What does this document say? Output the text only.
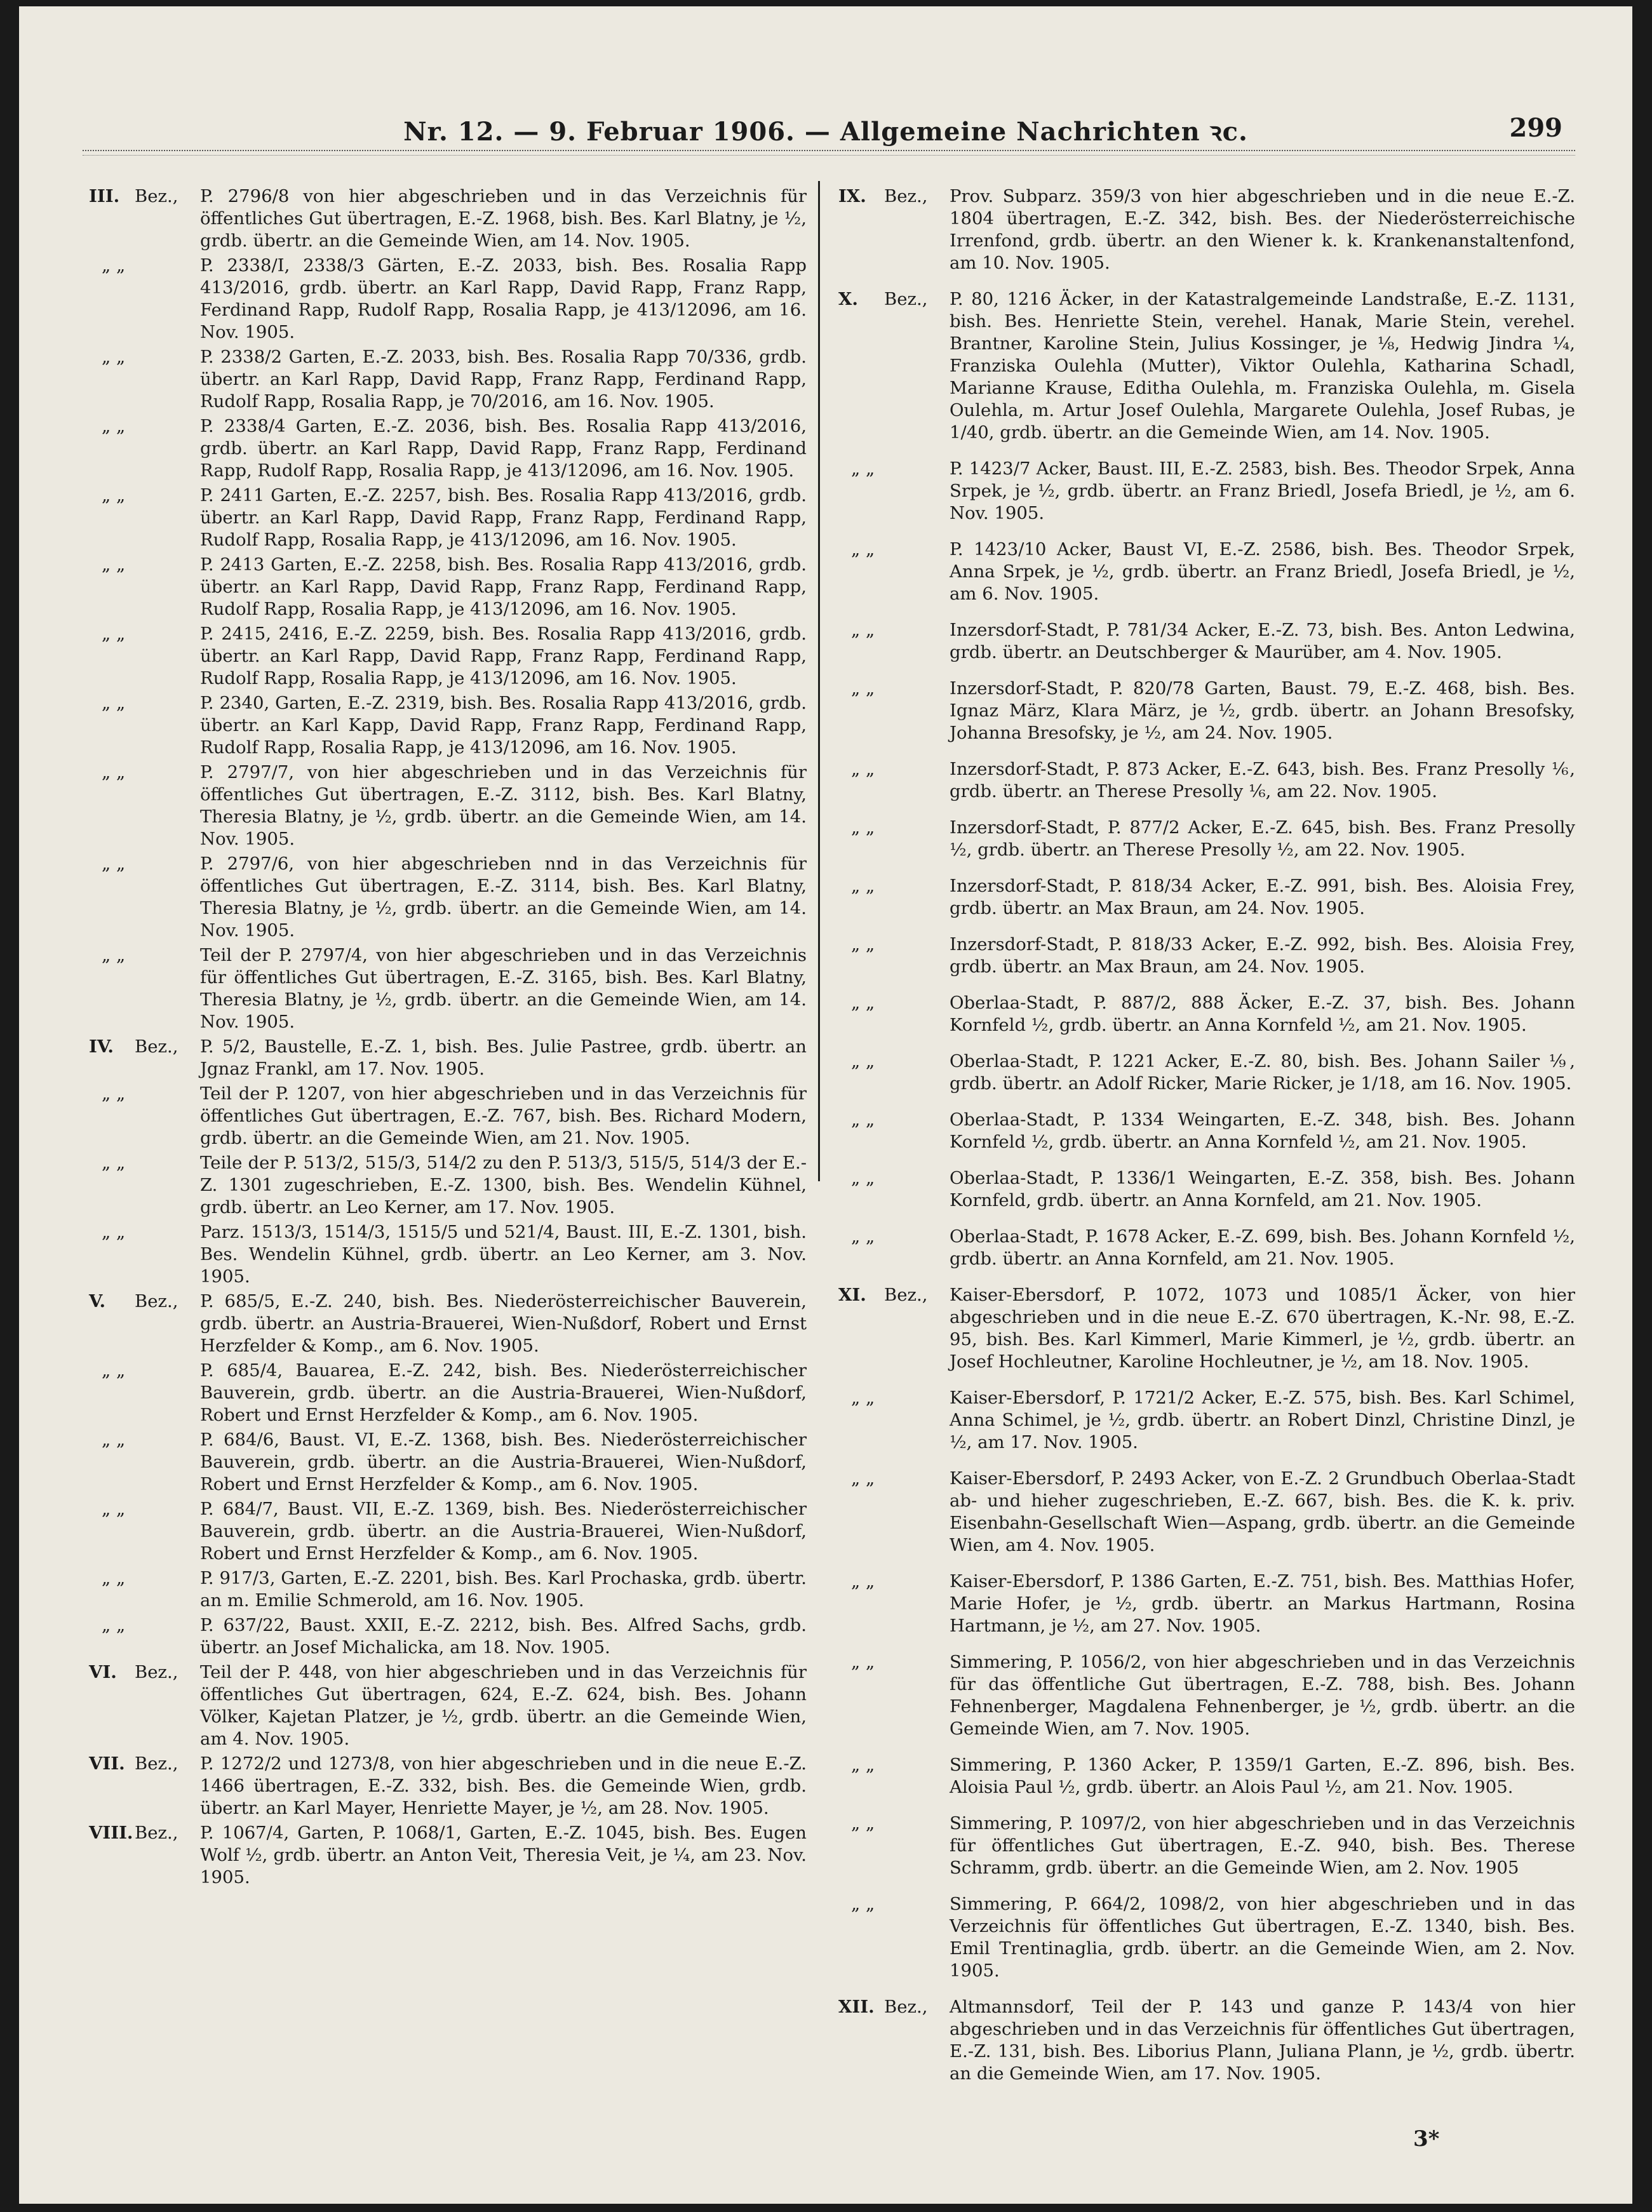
Nr. 12. — 9. Februar 1906. — Allgemeine Nachrichten ꝛc.	299
III. Bez.,	P. 2796/8 von hier abgeschrieben und in das Verzeichnis für öffentliches Gut übertragen, E.-Z. 1968, bish. Bes. Karl Blatny, je ½, grdb. übertr. an die Gemeinde Wien, am 14. Nov. 1905.
„ „	P. 2338/I, 2338/3 Gärten, E.-Z. 2033, bish. Bes. Rosalia Rapp 413/2016, grdb. übertr. an Karl Rapp, David Rapp, Franz Rapp, Ferdinand Rapp, Rudolf Rapp, Rosalia Rapp, je 413/12096, am 16. Nov. 1905.
„ „	P. 2338/2 Garten, E.-Z. 2033, bish. Bes. Rosalia Rapp 70/336, grdb. übertr. an Karl Rapp, David Rapp, Franz Rapp, Ferdinand Rapp, Rudolf Rapp, Rosalia Rapp, je 70/2016, am 16. Nov. 1905.
„ „	P. 2338/4 Garten, E.-Z. 2036, bish. Bes. Rosalia Rapp 413/2016, grdb. übertr. an Karl Rapp, David Rapp, Franz Rapp, Ferdinand Rapp, Rudolf Rapp, Rosalia Rapp, je 413/12096, am 16. Nov. 1905.
„ „	P. 2411 Garten, E.-Z. 2257, bish. Bes. Rosalia Rapp 413/2016, grdb. übertr. an Karl Rapp, David Rapp, Franz Rapp, Ferdinand Rapp, Rudolf Rapp, Rosalia Rapp, je 413/12096, am 16. Nov. 1905.
„ „	P. 2413 Garten, E.-Z. 2258, bish. Bes. Rosalia Rapp 413/2016, grdb. übertr. an Karl Rapp, David Rapp, Franz Rapp, Ferdinand Rapp, Rudolf Rapp, Rosalia Rapp, je 413/12096, am 16. Nov. 1905.
„ „	P. 2415, 2416, E.-Z. 2259, bish. Bes. Rosalia Rapp 413/2016, grdb. übertr. an Karl Rapp, David Rapp, Franz Rapp, Ferdinand Rapp, Rudolf Rapp, Rosalia Rapp, je 413/12096, am 16. Nov. 1905.
„ „	P. 2340, Garten, E.-Z. 2319, bish. Bes. Rosalia Rapp 413/2016, grdb. übertr. an Karl Kapp, David Rapp, Franz Rapp, Ferdinand Rapp, Rudolf Rapp, Rosalia Rapp, je 413/12096, am 16. Nov. 1905.
„ „	P. 2797/7, von hier abgeschrieben und in das Verzeichnis für öffentliches Gut übertragen, E.-Z. 3112, bish. Bes. Karl Blatny, Theresia Blatny, je ½, grdb. übertr. an die Gemeinde Wien, am 14. Nov. 1905.
„ „	P. 2797/6, von hier abgeschrieben nnd in das Verzeichnis für öffentliches Gut übertragen, E.-Z. 3114, bish. Bes. Karl Blatny, Theresia Blatny, je ½, grdb. übertr. an die Gemeinde Wien, am 14. Nov. 1905.
„ „	Teil der P. 2797/4, von hier abgeschrieben und in das Verzeichnis für öffentliches Gut übertragen, E.-Z. 3165, bish. Bes. Karl Blatny, Theresia Blatny, je ½, grdb. übertr. an die Gemeinde Wien, am 14. Nov. 1905.
IV. Bez.,	P. 5/2, Baustelle, E.-Z. 1, bish. Bes. Julie Pastree, grdb. übertr. an Jgnaz Frankl, am 17. Nov. 1905.
„ „	Teil der P. 1207, von hier abgeschrieben und in das Verzeichnis für öffentliches Gut übertragen, E.-Z. 767, bish. Bes. Richard Modern, grdb. übertr. an die Gemeinde Wien, am 21. Nov. 1905.
„ „	Teile der P. 513/2, 515/3, 514/2 zu den P. 513/3, 515/5, 514/3 der E.-Z. 1301 zugeschrieben, E.-Z. 1300, bish. Bes. Wendelin Kühnel, grdb. übertr. an Leo Kerner, am 17. Nov. 1905.
„ „	Parz. 1513/3, 1514/3, 1515/5 und 521/4, Baust. III, E.-Z. 1301, bish. Bes. Wendelin Kühnel, grdb. übertr. an Leo Kerner, am 3. Nov. 1905.
V. Bez.,	P. 685/5, E.-Z. 240, bish. Bes. Niederösterreichischer Bauverein, grdb. übertr. an Austria-Brauerei, Wien-Nußdorf, Robert und Ernst Herzfelder & Komp., am 6. Nov. 1905.
„ „	P. 685/4, Bauarea, E.-Z. 242, bish. Bes. Niederösterreichischer Bauverein, grdb. übertr. an die Austria-Brauerei, Wien-Nußdorf, Robert und Ernst Herzfelder & Komp., am 6. Nov. 1905.
„ „	P. 684/6, Baust. VI, E.-Z. 1368, bish. Bes. Niederösterreichischer Bauverein, grdb. übertr. an die Austria-Brauerei, Wien-Nußdorf, Robert und Ernst Herzfelder & Komp., am 6. Nov. 1905.
„ „	P. 684/7, Baust. VII, E.-Z. 1369, bish. Bes. Niederösterreichischer Bauverein, grdb. übertr. an die Austria-Brauerei, Wien-Nußdorf, Robert und Ernst Herzfelder & Komp., am 6. Nov. 1905.
„ „	P. 917/3, Garten, E.-Z. 2201, bish. Bes. Karl Prochaska, grdb. übertr. an m. Emilie Schmerold, am 16. Nov. 1905.
„ „	P. 637/22, Baust. XXII, E.-Z. 2212, bish. Bes. Alfred Sachs, grdb. übertr. an Josef Michalicka, am 18. Nov. 1905.
VI. Bez.,	Teil der P. 448, von hier abgeschrieben und in das Verzeichnis für öffentliches Gut übertragen, 624, E.-Z. 624, bish. Bes. Johann Völker, Kajetan Platzer, je ½, grdb. übertr. an die Gemeinde Wien, am 4. Nov. 1905.
VII. Bez.,	P. 1272/2 und 1273/8, von hier abgeschrieben und in die neue E.-Z. 1466 übertragen, E.-Z. 332, bish. Bes. die Gemeinde Wien, grdb. übertr. an Karl Mayer, Henriette Mayer, je ½, am 28. Nov. 1905.
VIII.Bez.,	P. 1067/4, Garten, P. 1068/1, Garten, E.-Z. 1045, bish. Bes. Eugen Wolf ½, grdb. übertr. an Anton Veit, Theresia Veit, je ¼, am 23. Nov. 1905.
IX. Bez.,	Prov. Subparz. 359/3 von hier abgeschrieben und in die neue E.-Z. 1804 übertragen, E.-Z. 342, bish. Bes. der Niederösterreichische Irrenfond, grdb. übertr. an den Wiener k. k. Krankenanstaltenfond, am 10. Nov. 1905.
X. Bez.,	P. 80, 1216 Äcker, in der Katastralgemeinde Landstraße, E.-Z. 1131, bish. Bes. Henriette Stein, verehel. Hanak, Marie Stein, verehel. Brantner, Karoline Stein, Julius Kossinger, je ⅛, Hedwig Jindra ¼, Franziska Oulehla (Mutter), Viktor Oulehla, Katharina Schadl, Marianne Krause, Editha Oulehla, m. Franziska Oulehla, m. Gisela Oulehla, m. Artur Josef Oulehla, Margarete Oulehla, Josef Rubas, je 1/40, grdb. übertr. an die Gemeinde Wien, am 14. Nov. 1905.
„ „	P. 1423/7 Acker, Baust. III, E.-Z. 2583, bish. Bes. Theodor Srpek, Anna Srpek, je ½, grdb. übertr. an Franz Briedl, Josefa Briedl, je ½, am 6. Nov. 1905.
„ „	P. 1423/10 Acker, Baust VI, E.-Z. 2586, bish. Bes. Theodor Srpek, Anna Srpek, je ½, grdb. übertr. an Franz Briedl, Josefa Briedl, je ½, am 6. Nov. 1905.
„ „	Inzersdorf-Stadt, P. 781/34 Acker, E.-Z. 73, bish. Bes. Anton Ledwina, grdb. übertr. an Deutschberger & Maurüber, am 4. Nov. 1905.
„ „	Inzersdorf-Stadt, P. 820/78 Garten, Baust. 79, E.-Z. 468, bish. Bes. Ignaz März, Klara März, je ½, grdb. übertr. an Johann Bresofsky, Johanna Bresofsky, je ½, am 24. Nov. 1905.
„ „	Inzersdorf-Stadt, P. 873 Acker, E.-Z. 643, bish. Bes. Franz Presolly ⅙, grdb. übertr. an Therese Presolly ⅙, am 22. Nov. 1905.
„ „	Inzersdorf-Stadt, P. 877/2 Acker, E.-Z. 645, bish. Bes. Franz Presolly ½, grdb. übertr. an Therese Presolly ½, am 22. Nov. 1905.
„ „	Inzersdorf-Stadt, P. 818/34 Acker, E.-Z. 991, bish. Bes. Aloisia Frey, grdb. übertr. an Max Braun, am 24. Nov. 1905.
„ „	Inzersdorf-Stadt, P. 818/33 Acker, E.-Z. 992, bish. Bes. Aloisia Frey, grdb. übertr. an Max Braun, am 24. Nov. 1905.
„ „	Oberlaa-Stadt, P. 887/2, 888 Äcker, E.-Z. 37, bish. Bes. Johann Kornfeld ½, grdb. übertr. an Anna Kornfeld ½, am 21. Nov. 1905.
„ „	Oberlaa-Stadt, P. 1221 Acker, E.-Z. 80, bish. Bes. Johann Sailer ⅑, grdb. übertr. an Adolf Ricker, Marie Ricker, je 1/18, am 16. Nov. 1905.
„ „	Oberlaa-Stadt, P. 1334 Weingarten, E.-Z. 348, bish. Bes. Johann Kornfeld ½, grdb. übertr. an Anna Kornfeld ½, am 21. Nov. 1905.
„ „	Oberlaa-Stadt, P. 1336/1 Weingarten, E.-Z. 358, bish. Bes. Johann Kornfeld, grdb. übertr. an Anna Kornfeld, am 21. Nov. 1905.
„ „	Oberlaa-Stadt, P. 1678 Acker, E.-Z. 699, bish. Bes. Johann Kornfeld ½, grdb. übertr. an Anna Kornfeld, am 21. Nov. 1905.
XI. Bez.,	Kaiser-Ebersdorf, P. 1072, 1073 und 1085/1 Äcker, von hier abgeschrieben und in die neue E.-Z. 670 übertragen, K.-Nr. 98, E.-Z. 95, bish. Bes. Karl Kimmerl, Marie Kimmerl, je ½, grdb. übertr. an Josef Hochleutner, Karoline Hochleutner, je ½, am 18. Nov. 1905.
„ „	Kaiser-Ebersdorf, P. 1721/2 Acker, E.-Z. 575, bish. Bes. Karl Schimel, Anna Schimel, je ½, grdb. übertr. an Robert Dinzl, Christine Dinzl, je ½, am 17. Nov. 1905.
„ „	Kaiser-Ebersdorf, P. 2493 Acker, von E.-Z. 2 Grundbuch Oberlaa-Stadt ab- und hieher zugeschrieben, E.-Z. 667, bish. Bes. die K. k. priv. Eisenbahn-Gesellschaft Wien—Aspang, grdb. übertr. an die Gemeinde Wien, am 4. Nov. 1905.
„ „	Kaiser-Ebersdorf, P. 1386 Garten, E.-Z. 751, bish. Bes. Matthias Hofer, Marie Hofer, je ½, grdb. übertr. an Markus Hartmann, Rosina Hartmann, je ½, am 27. Nov. 1905.
„ „	Simmering, P. 1056/2, von hier abgeschrieben und in das Verzeichnis für das öffentliche Gut übertragen, E.-Z. 788, bish. Bes. Johann Fehnenberger, Magdalena Fehnenberger, je ½, grdb. übertr. an die Gemeinde Wien, am 7. Nov. 1905.
„ „	Simmering, P. 1360 Acker, P. 1359/1 Garten, E.-Z. 896, bish. Bes. Aloisia Paul ½, grdb. übertr. an Alois Paul ½, am 21. Nov. 1905.
„ „	Simmering, P. 1097/2, von hier abgeschrieben und in das Verzeichnis für öffentliches Gut übertragen, E.-Z. 940, bish. Bes. Therese Schramm, grdb. übertr. an die Gemeinde Wien, am 2. Nov. 1905
„ „	Simmering, P. 664/2, 1098/2, von hier abgeschrieben und in das Verzeichnis für öffentliches Gut übertragen, E.-Z. 1340, bish. Bes. Emil Trentinaglia, grdb. übertr. an die Gemeinde Wien, am 2. Nov. 1905.
XII. Bez.,	Altmannsdorf, Teil der P. 143 und ganze P. 143/4 von hier abgeschrieben und in das Verzeichnis für öffentliches Gut übertragen, E.-Z. 131, bish. Bes. Liborius Plann, Juliana Plann, je ½, grdb. übertr. an die Gemeinde Wien, am 17. Nov. 1905.
3*
